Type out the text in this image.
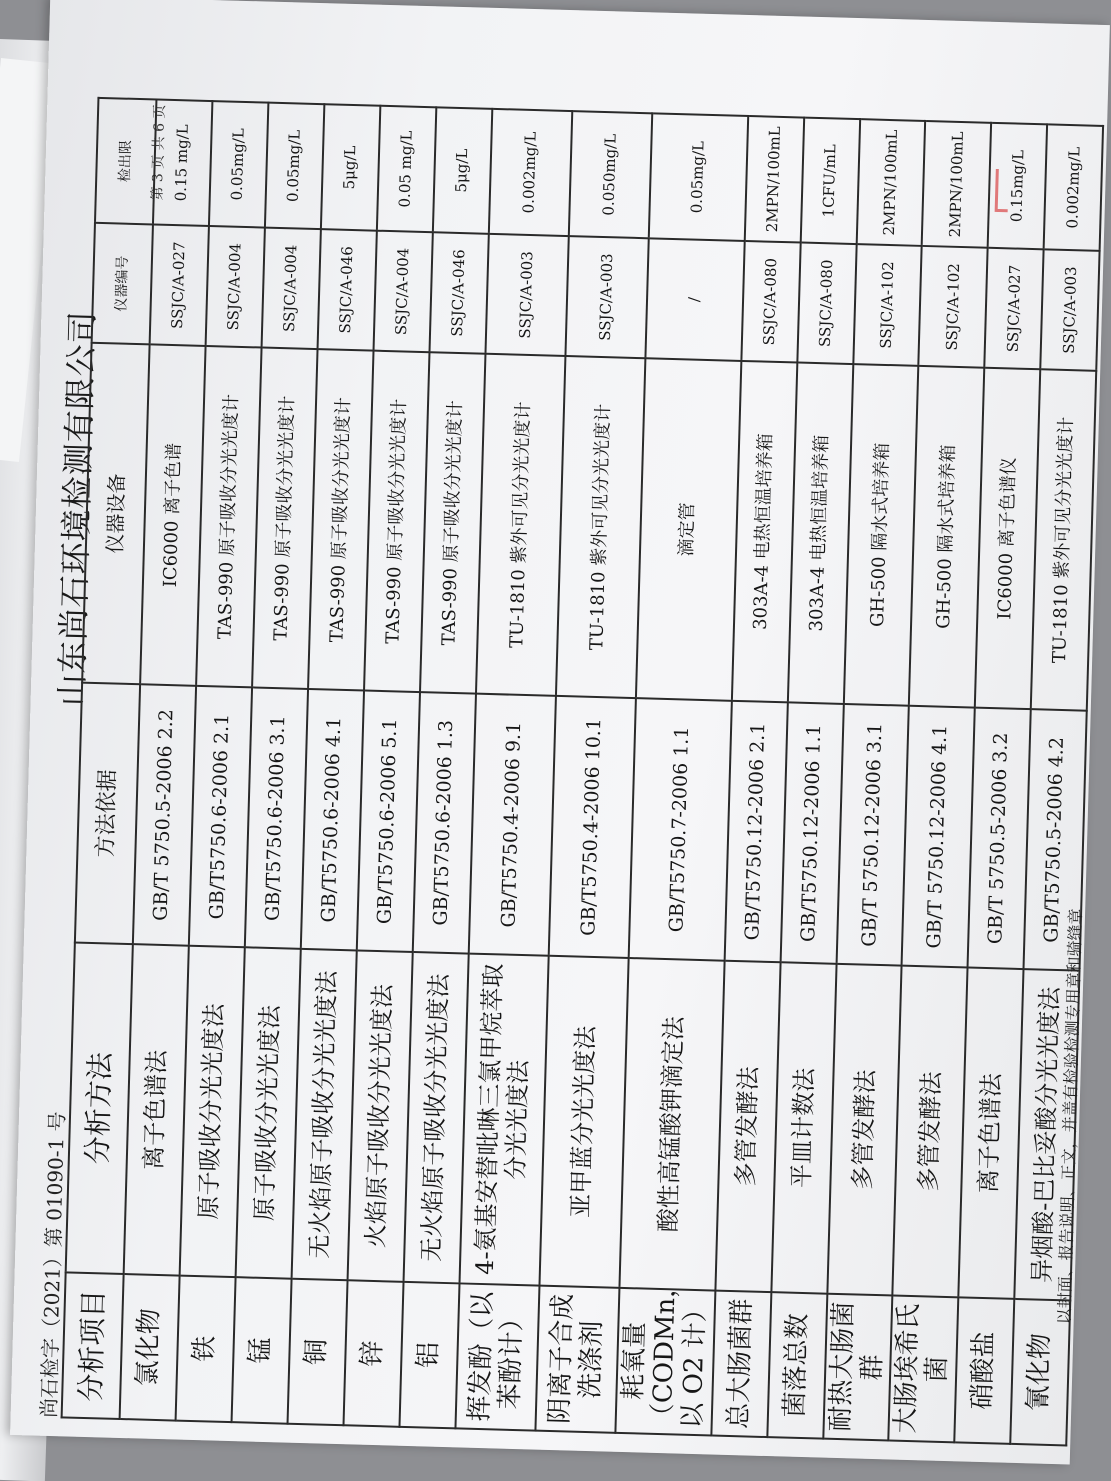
尚石检字（2021）第 01090-1 号
山东尚石环境检测有限公司
第 3 页 共 6 页
分析项目	分析方法	方法依据	仪器设备	仪器编号	检出限
氯化物	离子色谱法	GB/T 5750.5-2006 2.2	IC6000 离子色谱	SSJC/A-027	0.15 mg/L
铁	原子吸收分光光度法	GB/T5750.6-2006 2.1	TAS-990 原子吸收分光光度计	SSJC/A-004	0.05mg/L
锰	原子吸收分光光度法	GB/T5750.6-2006 3.1	TAS-990 原子吸收分光光度计	SSJC/A-004	0.05mg/L
铜	无火焰原子吸收分光光度法	GB/T5750.6-2006 4.1	TAS-990 原子吸收分光光度计	SSJC/A-046	5μg/L
锌	火焰原子吸收分光光度法	GB/T5750.6-2006 5.1	TAS-990 原子吸收分光光度计	SSJC/A-004	0.05 mg/L
铝	无火焰原子吸收分光光度法	GB/T5750.6-2006 1.3	TAS-990 原子吸收分光光度计	SSJC/A-046	5μg/L
挥发酚（以苯酚计）	4-氨基安替吡啉三氯甲烷萃取分光光度法	GB/T5750.4-2006 9.1	TU-1810 紫外可见分光光度计	SSJC/A-003	0.002mg/L
阴离子合成洗涤剂	亚甲蓝分光光度法	GB/T5750.4-2006 10.1	TU-1810 紫外可见分光光度计	SSJC/A-003	0.050mg/L
耗氧量（CODMn，以 O2 计）	酸性高锰酸钾滴定法	GB/T5750.7-2006 1.1	滴定管	/	0.05mg/L
总大肠菌群	多管发酵法	GB/T5750.12-2006 2.1	303A-4 电热恒温培养箱	SSJC/A-080	2MPN/100mL
菌落总数	平皿计数法	GB/T5750.12-2006 1.1	303A-4 电热恒温培养箱	SSJC/A-080	1CFU/mL
耐热大肠菌群	多管发酵法	GB/T 5750.12-2006 3.1	GH-500 隔水式培养箱	SSJC/A-102	2MPN/100mL
大肠埃希氏菌	多管发酵法	GB/T 5750.12-2006 4.1	GH-500 隔水式培养箱	SSJC/A-102	2MPN/100mL
硝酸盐	离子色谱法	GB/T 5750.5-2006 3.2	IC6000 离子色谱仪	SSJC/A-027	0.15mg/L
氰化物	异烟酸-巴比妥酸分光光度法	GB/T5750.5-2006 4.2	TU-1810 紫外可见分光光度计	SSJC/A-003	0.002mg/L
以封面、报告说明、正文，并盖有检验检测专用章和骑缝章
